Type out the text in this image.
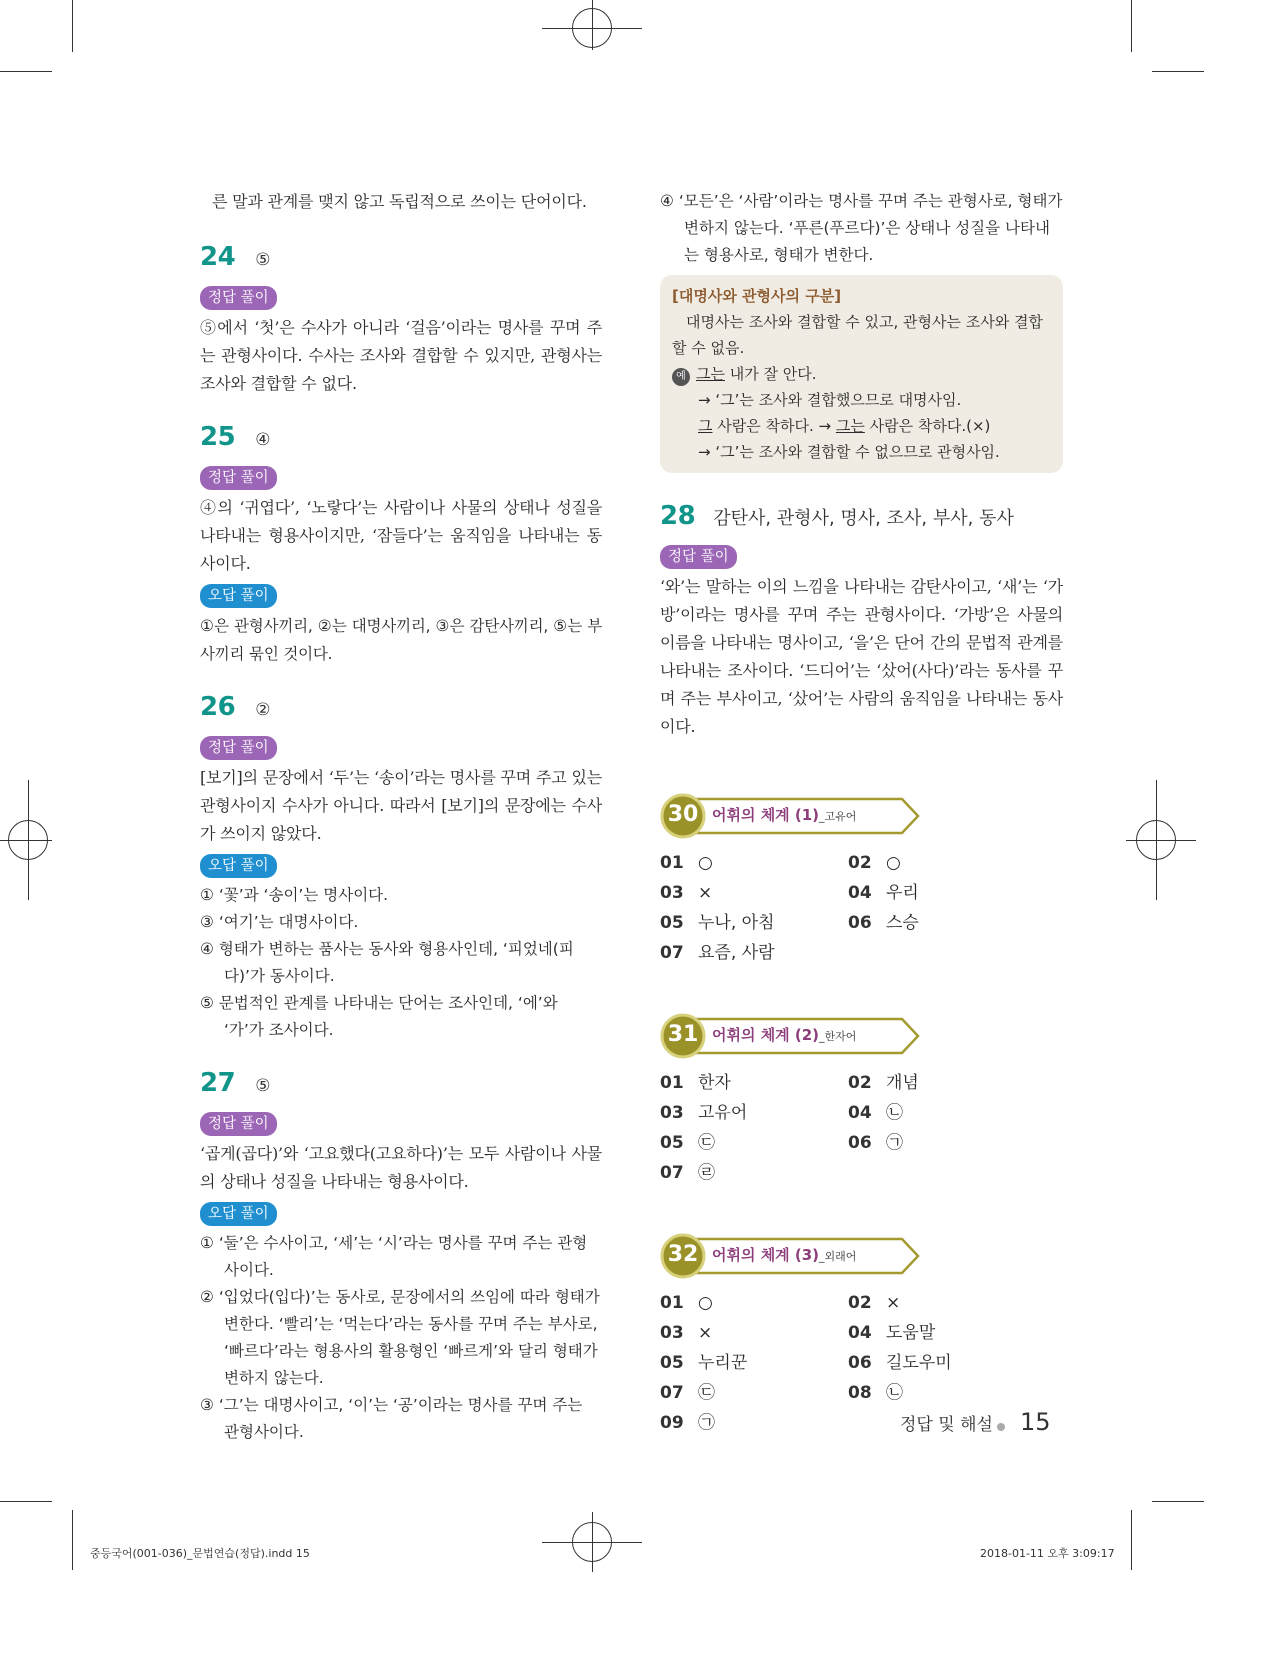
른 말과 관계를 맺지 않고 독립적으로 쓰이는 단어이다.

24 ⑤
정답 풀이

⑤에서 ‘첫’은 수사가 아니라 ‘걸음’이라는 명사를 꾸며 주는 관형사이다. 수사는 조사와 결합할 수 있지만, 관형사는 조사와 결합할 수 없다.

25 ④
정답 풀이

④의 ‘귀엽다’, ‘노랗다’는 사람이나 사물의 상태나 성질을 나타내는 형용사이지만, ‘잠들다’는 움직임을 나타내는 동사이다.

오답 풀이

①은 관형사끼리, ②는 대명사끼리, ③은 감탄사끼리, ⑤는 부사끼리 묶인 것이다.

26 ②
정답 풀이

[보기]의 문장에서 ‘두’는 ‘송이’라는 명사를 꾸며 주고 있는 관형사이지 수사가 아니다. 따라서 [보기]의 문장에는 수사가 쓰이지 않았다.

오답 풀이
① ‘꽃’과 ‘송이’는 명사이다.
③ ‘여기’는 대명사이다.
④ 형태가 변하는 품사는 동사와 형용사인데, ‘피었네(피다)’가 동사이다.
⑤ 문법적인 관계를 나타내는 단어는 조사인데, ‘에’와 ‘가’가 조사이다.
27 ⑤
정답 풀이

‘곱게(곱다)’와 ‘고요했다(고요하다)’는 모두 사람이나 사물의 상태나 성질을 나타내는 형용사이다.

오답 풀이
① ‘둘’은 수사이고, ‘세’는 ‘시’라는 명사를 꾸며 주는 관형사이다.
② ‘입었다(입다)’는 동사로, 문장에서의 쓰임에 따라 형태가 변한다. ‘빨리’는 ‘먹는다’라는 동사를 꾸며 주는 부사로, ‘빠르다’라는 형용사의 활용형인 ‘빠르게’와 달리 형태가 변하지 않는다.
③ ‘그’는 대명사이고, ‘이’는 ‘공’이라는 명사를 꾸며 주는 관형사이다.
④ ‘모든’은 ‘사람’이라는 명사를 꾸며 주는 관형사로, 형태가 변하지 않는다. ‘푸른(푸르다)’은 상태나 성질을 나타내는 형용사로, 형태가 변한다.
[대명사와 관형사의 구분]
대명사는 조사와 결합할 수 있고, 관형사는 조사와 결합할 수 없음.
예 그는 내가 잘 안다.
→ ‘그’는 조사와 결합했으므로 대명사임.
그 사람은 착하다. → 그는 사람은 착하다.(×)
→ ‘그’는 조사와 결합할 수 없으므로 관형사임.
28 감탄사, 관형사, 명사, 조사, 부사, 동사
정답 풀이

‘와’는 말하는 이의 느낌을 나타내는 감탄사이고, ‘새’는 ‘가방’이라는 명사를 꾸며 주는 관형사이다. ‘가방’은 사물의 이름을 나타내는 명사이고, ‘을’은 단어 간의 문법적 관계를 나타내는 조사이다. ‘드디어’는 ‘샀어(사다)’라는 동사를 꾸며 주는 부사이고, ‘샀어’는 사람의 움직임을 나타내는 동사이다.

30 어휘의 체계 (1)_고유어
01 ○	02 ○
03 ×	04 우리
05 누나, 아침	06 스승
07 요즘, 사람
31 어휘의 체계 (2)_한자어
01 한자	02 개념
03 고유어	04 ㉡
05 ㉢	06 ㉠
07 ㉣
32 어휘의 체계 (3)_외래어
01 ○	02 ×
03 ×	04 도움말
05 누리꾼	06 길도우미
07 ㉢	08 ㉡
09 ㉠	정답 및 해설 15
중등국어(001-036)_문법연습(정답).indd 15	2018-01-11 오후 3:09:17
